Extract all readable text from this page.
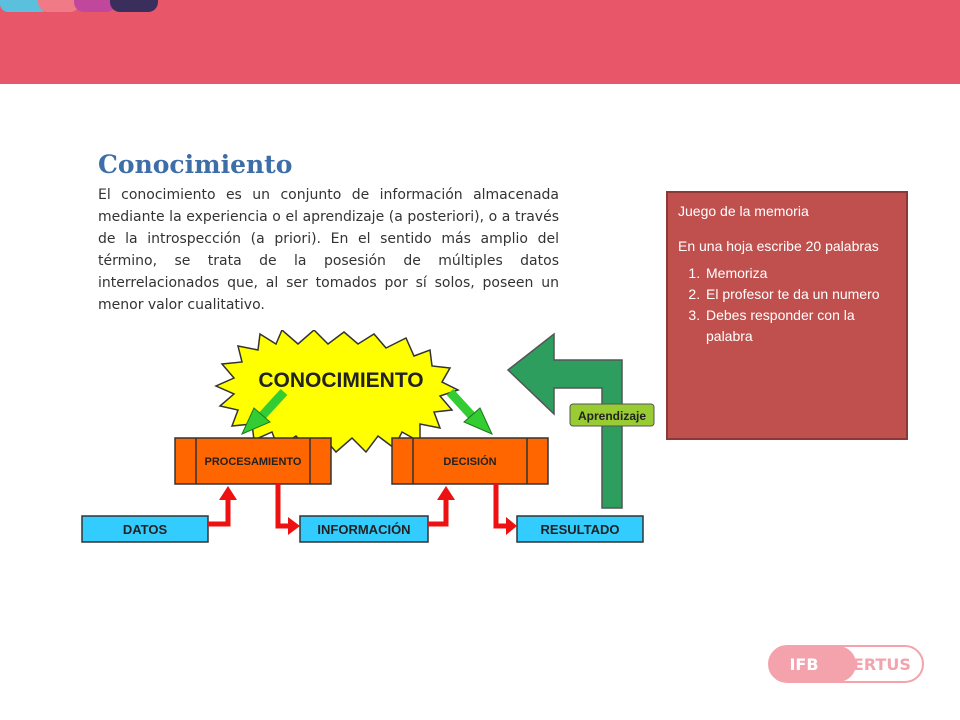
Conocimiento

El conocimiento es un conjunto de información almacenada mediante la experiencia o el aprendizaje (a posteriori), o a través de la introspección (a priori). En el sentido más amplio del término, se trata de la posesión de múltiples datos interrelacionados que, al ser tomados por sí solos, poseen un menor valor cualitativo.

Juego de la memoria

En una hoja escribe 20 palabras

1. Memoriza
2. El profesor te da un numero
3. Debes responder con la palabra
CONOCIMIENTO
Aprendizaje
PROCESAMIENTO	DECISIÓN
DATOS	INFORMACIÓN	RESULTADO
IFB CERTUS
